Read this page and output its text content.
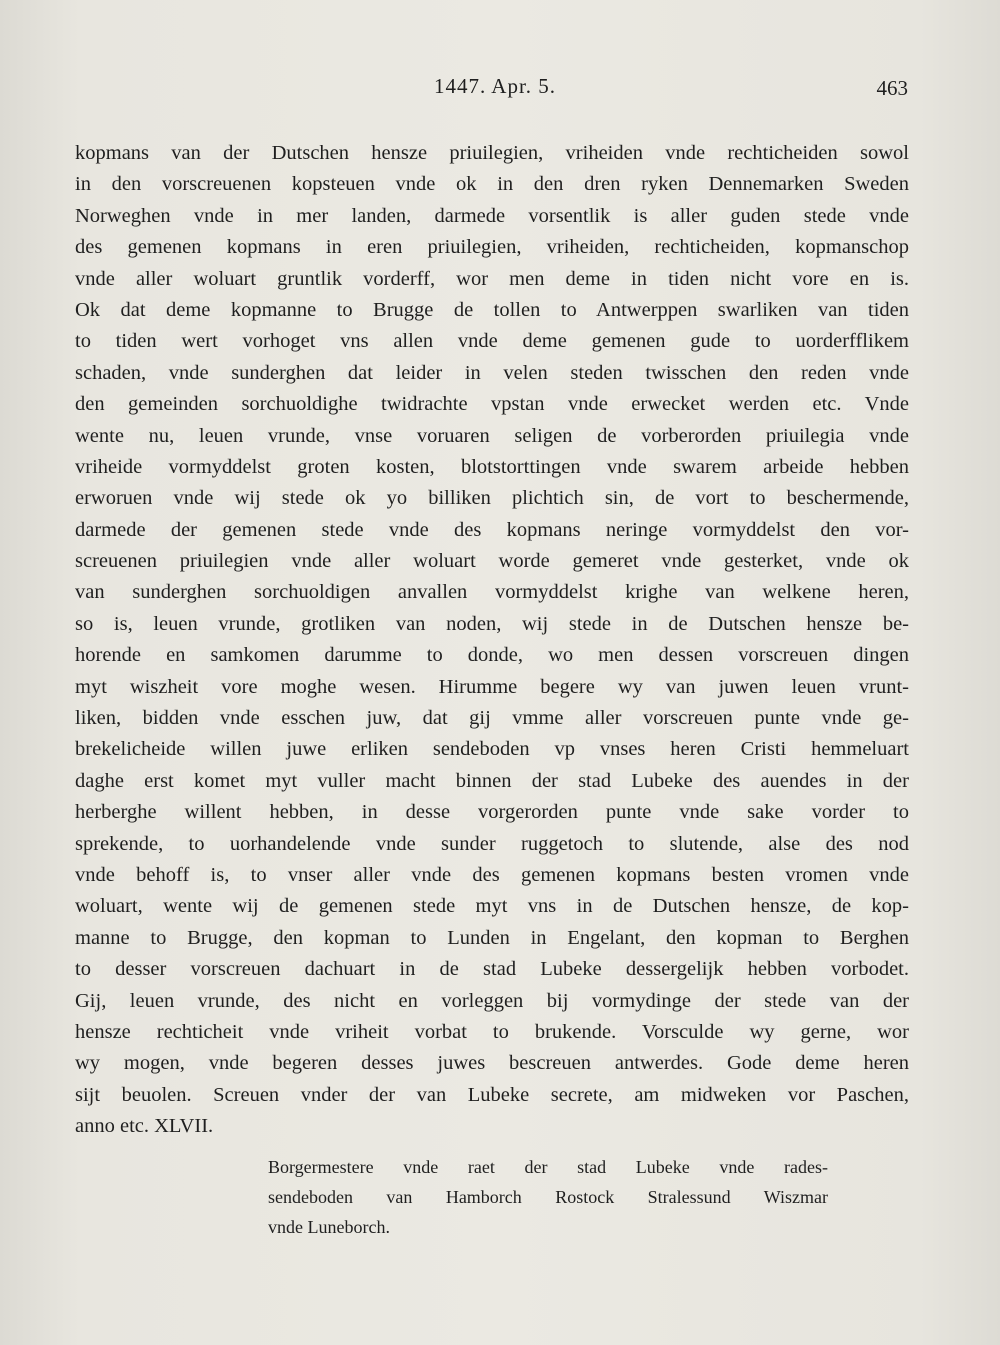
1447. Apr. 5.	463
kopmans van der Dutschen hensze priuilegien, vriheiden vnde rechticheiden sowol
in den vorscreuenen kopsteuen vnde ok in den dren ryken Dennemarken Sweden
Norweghen vnde in mer landen, darmede vorsentlik is aller guden stede vnde
des gemenen kopmans in eren priuilegien, vriheiden, rechticheiden, kopmanschop
vnde aller woluart gruntlik vorderff, wor men deme in tiden nicht vore en is.
Ok dat deme kopmanne to Brugge de tollen to Antwerppen swarliken van tiden
to tiden wert vorhoget vns allen vnde deme gemenen gude to uorderfflikem
schaden, vnde sunderghen dat leider in velen steden twisschen den reden vnde
den gemeinden sorchuoldighe twidrachte vpstan vnde erwecket werden etc. Vnde
wente nu, leuen vrunde, vnse voruaren seligen de vorberorden priuilegia vnde
vriheide vormyddelst groten kosten, blotstorttingen vnde swarem arbeide hebben
erworuen vnde wij stede ok yo billiken plichtich sin, de vort to beschermende,
darmede der gemenen stede vnde des kopmans neringe vormyddelst den vor-
screuenen priuilegien vnde aller woluart worde gemeret vnde gesterket, vnde ok
van sunderghen sorchuoldigen anvallen vormyddelst krighe van welkene heren,
so is, leuen vrunde, grotliken van noden, wij stede in de Dutschen hensze be-
horende en samkomen darumme to donde, wo men dessen vorscreuen dingen
myt wiszheit vore moghe wesen. Hirumme begere wy van juwen leuen vrunt-
liken, bidden vnde esschen juw, dat gij vmme aller vorscreuen punte vnde ge-
brekelicheide willen juwe erliken sendeboden vp vnses heren Cristi hemmeluart
daghe erst komet myt vuller macht binnen der stad Lubeke des auendes in der
herberghe willent hebben, in desse vorgerorden punte vnde sake vorder to
sprekende, to uorhandelende vnde sunder ruggetoch to slutende, alse des nod
vnde behoff is, to vnser aller vnde des gemenen kopmans besten vromen vnde
woluart, wente wij de gemenen stede myt vns in de Dutschen hensze, de kop-
manne to Brugge, den kopman to Lunden in Engelant, den kopman to Berghen
to desser vorscreuen dachuart in de stad Lubeke dessergelijk hebben vorbodet.
Gij, leuen vrunde, des nicht en vorleggen bij vormydinge der stede van der
hensze rechticheit vnde vriheit vorbat to brukende. Vorsculde wy gerne, wor
wy mogen, vnde begeren desses juwes bescreuen antwerdes. Gode deme heren
sijt beuolen. Screuen vnder der van Lubeke secrete, am midweken vor Paschen,
anno etc. XLVII.
Borgermestere vnde raet der stad Lubeke vnde rades-
sendeboden van Hamborch Rostock Stralessund Wiszmar
vnde Luneborch.
